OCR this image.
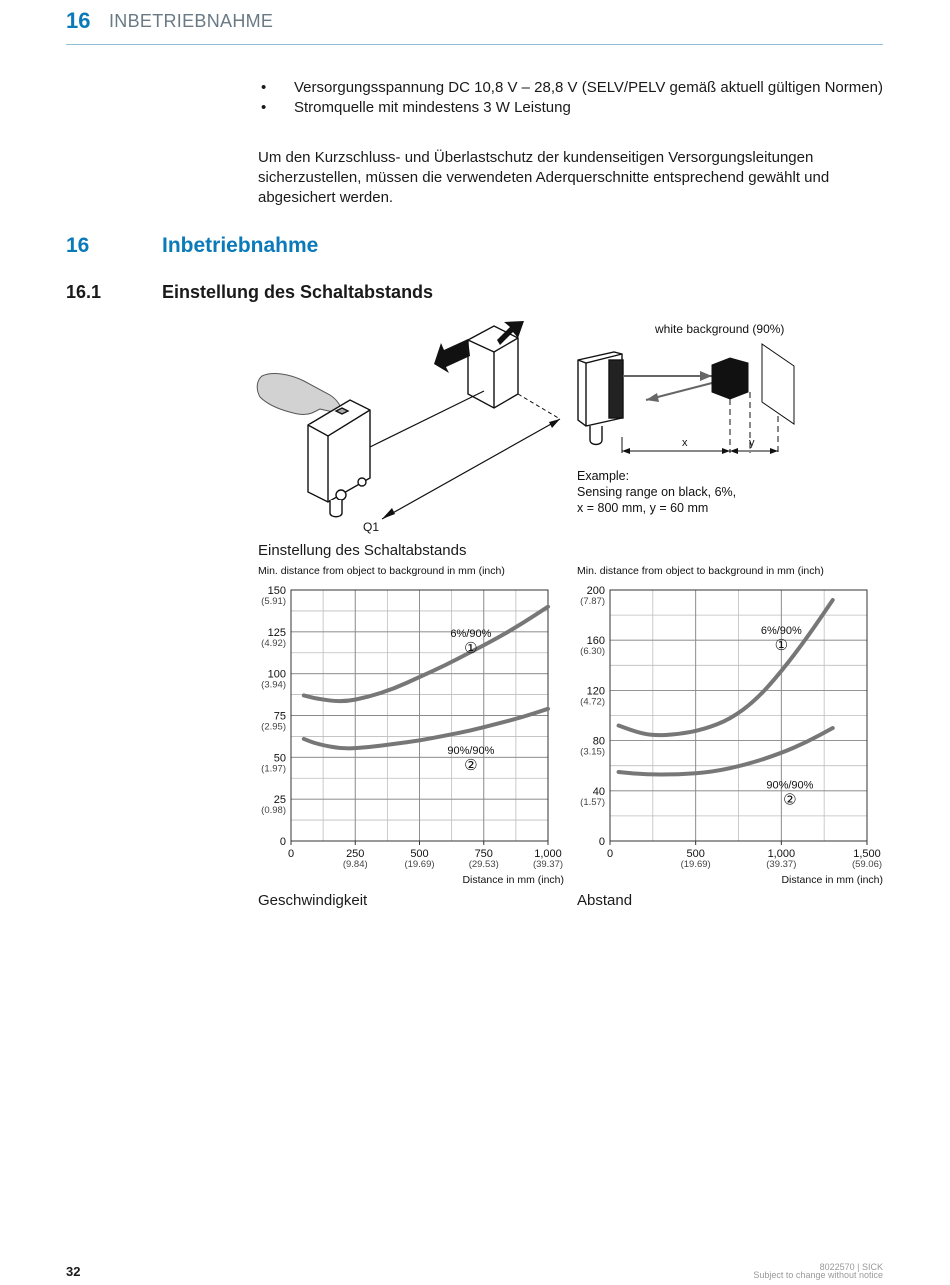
16 INBETRIEBNAHME
• Versorgungsspannung DC 10,8 V – 28,8 V (SELV/PELV gemäß aktuell gültigen Normen)
• Stromquelle mit mindestens 3 W Leistung
Um den Kurzschluss- und Überlastschutz der kundenseitigen Versorgungsleitungen sicherzustellen, müssen die verwendeten Aderquerschnitte entsprechend gewählt und abgesichert werden.
16	Inbetriebnahme
16.1	Einstellung des Schaltabstands
Q1
x	y
white background (90%)
Example:
Sensing range on black, 6%,
x = 800 mm, y = 60 mm
Einstellung des Schaltabstands
Min. distance from object to background in mm (inch)
0
25
(0.98)
50
(1.97)
75
(2.95)
100
(3.94)
125
(4.92)
150
(5.91)
0	250
(9.84)
500
(19.69)
750
(29.53)
1,000
(39.37)
Distance in mm (inch)
6%/90%
①
90%/90%
②
Min. distance from object to background in mm (inch)
0
40
(1.57)
80
(3.15)
120
(4.72)
160
(6.30)
200
(7.87)
0	500
(19.69)
1,000
(39.37)
1,500
(59.06)
Distance in mm (inch)
6%/90%
①
90%/90%
②
Geschwindigkeit	Abstand
32	8022570 | SICK
Subject to change without notice
